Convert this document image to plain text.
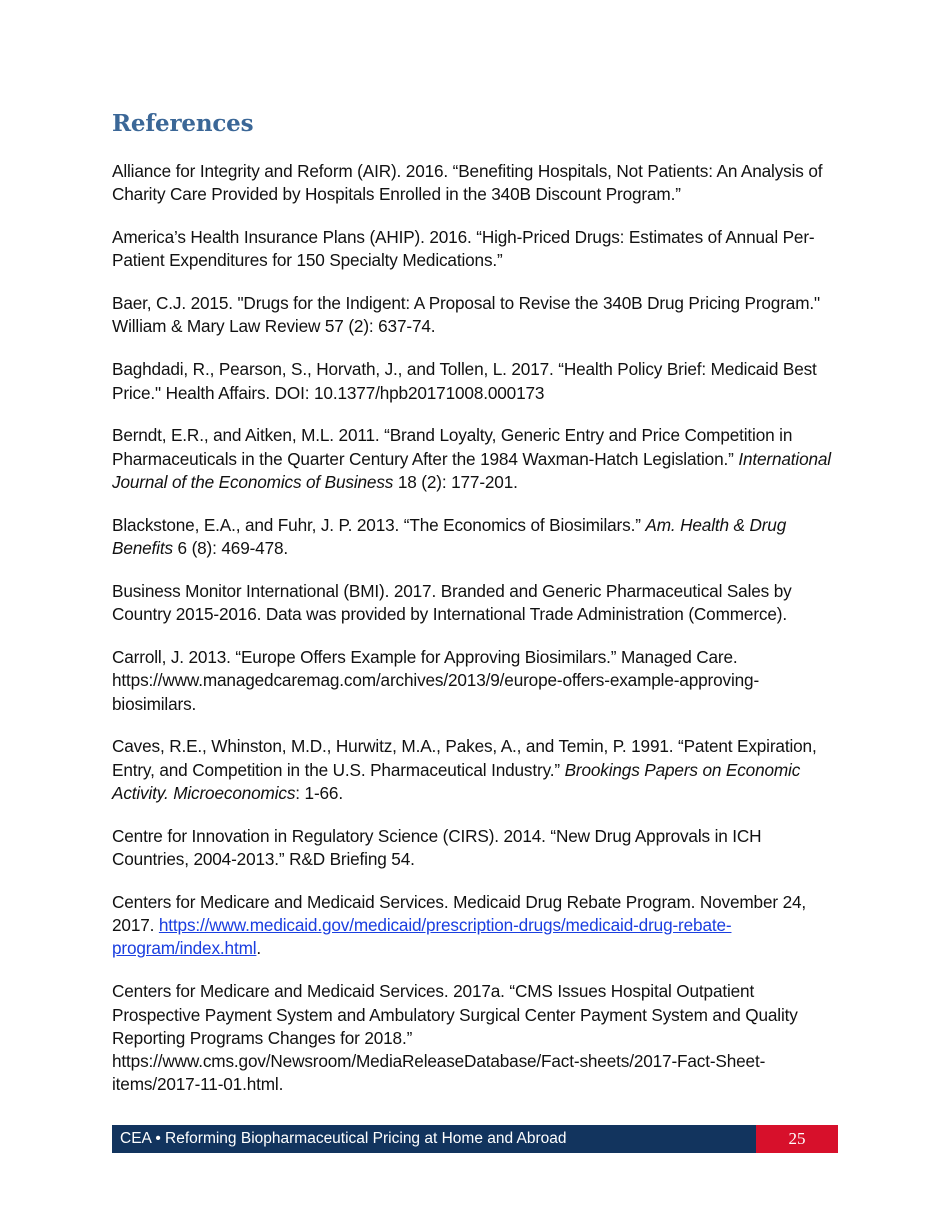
References

Alliance for Integrity and Reform (AIR). 2016. “Benefiting Hospitals, Not Patients: An Analysis of Charity Care Provided by Hospitals Enrolled in the 340B Discount Program.”

America’s Health Insurance Plans (AHIP). 2016. “High-Priced Drugs: Estimates of Annual Per-Patient Expenditures for 150 Specialty Medications.”

Baer, C.J. 2015. "Drugs for the Indigent: A Proposal to Revise the 340B Drug Pricing Program." William & Mary Law Review 57 (2): 637-74.

Baghdadi, R., Pearson, S., Horvath, J., and Tollen, L. 2017. “Health Policy Brief: Medicaid Best Price." Health Affairs. DOI: 10.1377/hpb20171008.000173

Berndt, E.R., and Aitken, M.L. 2011. “Brand Loyalty, Generic Entry and Price Competition in Pharmaceuticals in the Quarter Century After the 1984 Waxman-Hatch Legislation.” International Journal of the Economics of Business 18 (2): 177-201.

Blackstone, E.A., and Fuhr, J. P. 2013. “The Economics of Biosimilars.” Am. Health & Drug Benefits 6 (8): 469-478.

Business Monitor International (BMI). 2017. Branded and Generic Pharmaceutical Sales by Country 2015-2016. Data was provided by International Trade Administration (Commerce).

Carroll, J. 2013. “Europe Offers Example for Approving Biosimilars.” Managed Care. https://www.managedcaremag.com/archives/2013/9/europe-offers-example-approving-biosimilars.

Caves, R.E., Whinston, M.D., Hurwitz, M.A., Pakes, A., and Temin, P. 1991. “Patent Expiration, Entry, and Competition in the U.S. Pharmaceutical Industry.” Brookings Papers on Economic Activity. Microeconomics: 1-66.

Centre for Innovation in Regulatory Science (CIRS). 2014. “New Drug Approvals in ICH Countries, 2004-2013.” R&D Briefing 54.

Centers for Medicare and Medicaid Services. Medicaid Drug Rebate Program. November 24, 2017. https://www.medicaid.gov/medicaid/prescription-drugs/medicaid-drug-rebate-program/index.html.

Centers for Medicare and Medicaid Services. 2017a. “CMS Issues Hospital Outpatient Prospective Payment System and Ambulatory Surgical Center Payment System and Quality Reporting Programs Changes for 2018.” https://www.cms.gov/Newsroom/MediaReleaseDatabase/Fact-sheets/2017-Fact-Sheet-items/2017-11-01.html.

CEA • Reforming Biopharmaceutical Pricing at Home and Abroad	25
